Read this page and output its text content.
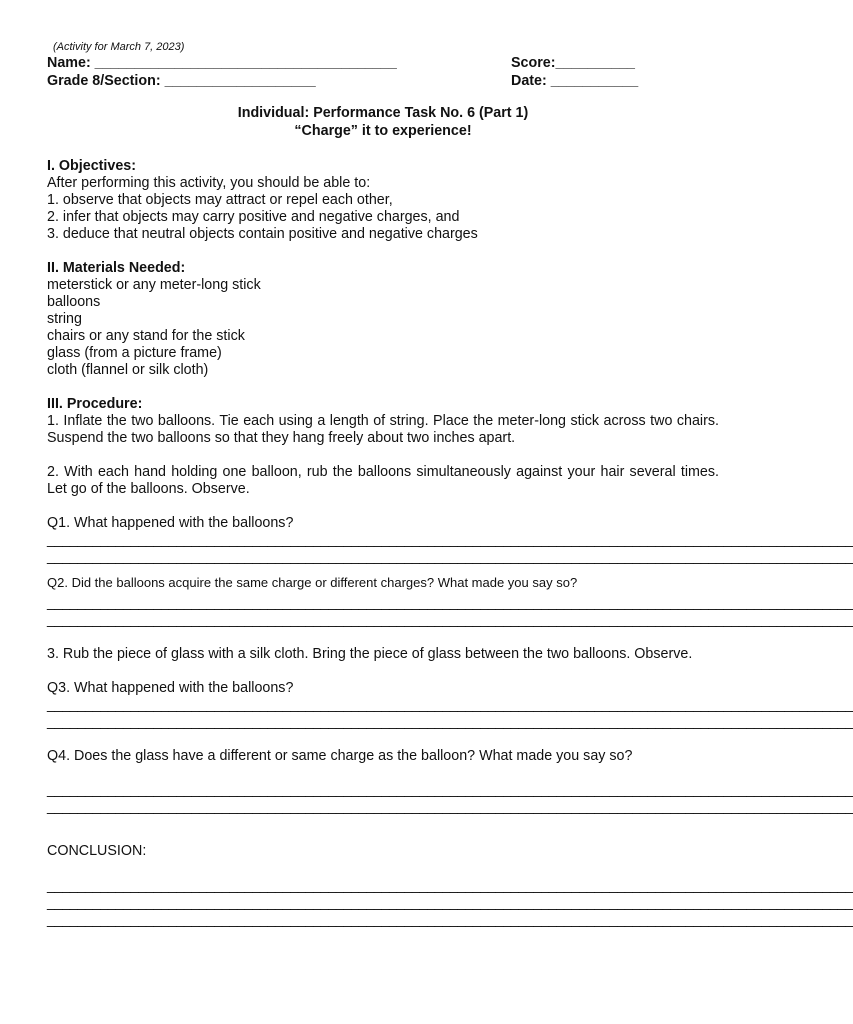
(Activity for March 7, 2023)
Name: ______________________________________	Score:__________
Grade 8/Section: ___________________	Date: ___________
Individual: Performance Task No. 6 (Part 1)
“Charge” it to experience!
I. Objectives:
After performing this activity, you should be able to:
1. observe that objects may attract or repel each other,
2. infer that objects may carry positive and negative charges, and
3. deduce that neutral objects contain positive and negative charges
II. Materials Needed:
meterstick or any meter-long stick
balloons
string
chairs or any stand for the stick
glass (from a picture frame)
cloth (flannel or silk cloth)
III. Procedure:
1. Inflate the two balloons. Tie each using a length of string. Place the meter-long stick across two chairs. Suspend the two balloons so that they hang freely about two inches apart.
2. With each hand holding one balloon, rub the balloons simultaneously against your hair several times. Let go of the balloons. Observe.
Q1. What happened with the balloons?
__________________________________________________________________________________________________________
__________________________________________________________________________________________________________
Q2. Did the balloons acquire the same charge or different charges? What made you say so?
__________________________________________________________________________________________________________
__________________________________________________________________________________________________________
3. Rub the piece of glass with a silk cloth. Bring the piece of glass between the two balloons. Observe.
Q3. What happened with the balloons?
__________________________________________________________________________________________________________
__________________________________________________________________________________________________________
Q4. Does the glass have a different or same charge as the balloon? What made you say so?
__________________________________________________________________________________________________________
__________________________________________________________________________________________________________
CONCLUSION:
__________________________________________________________________________________________________________
__________________________________________________________________________________________________________
__________________________________________________________________________________________________________
